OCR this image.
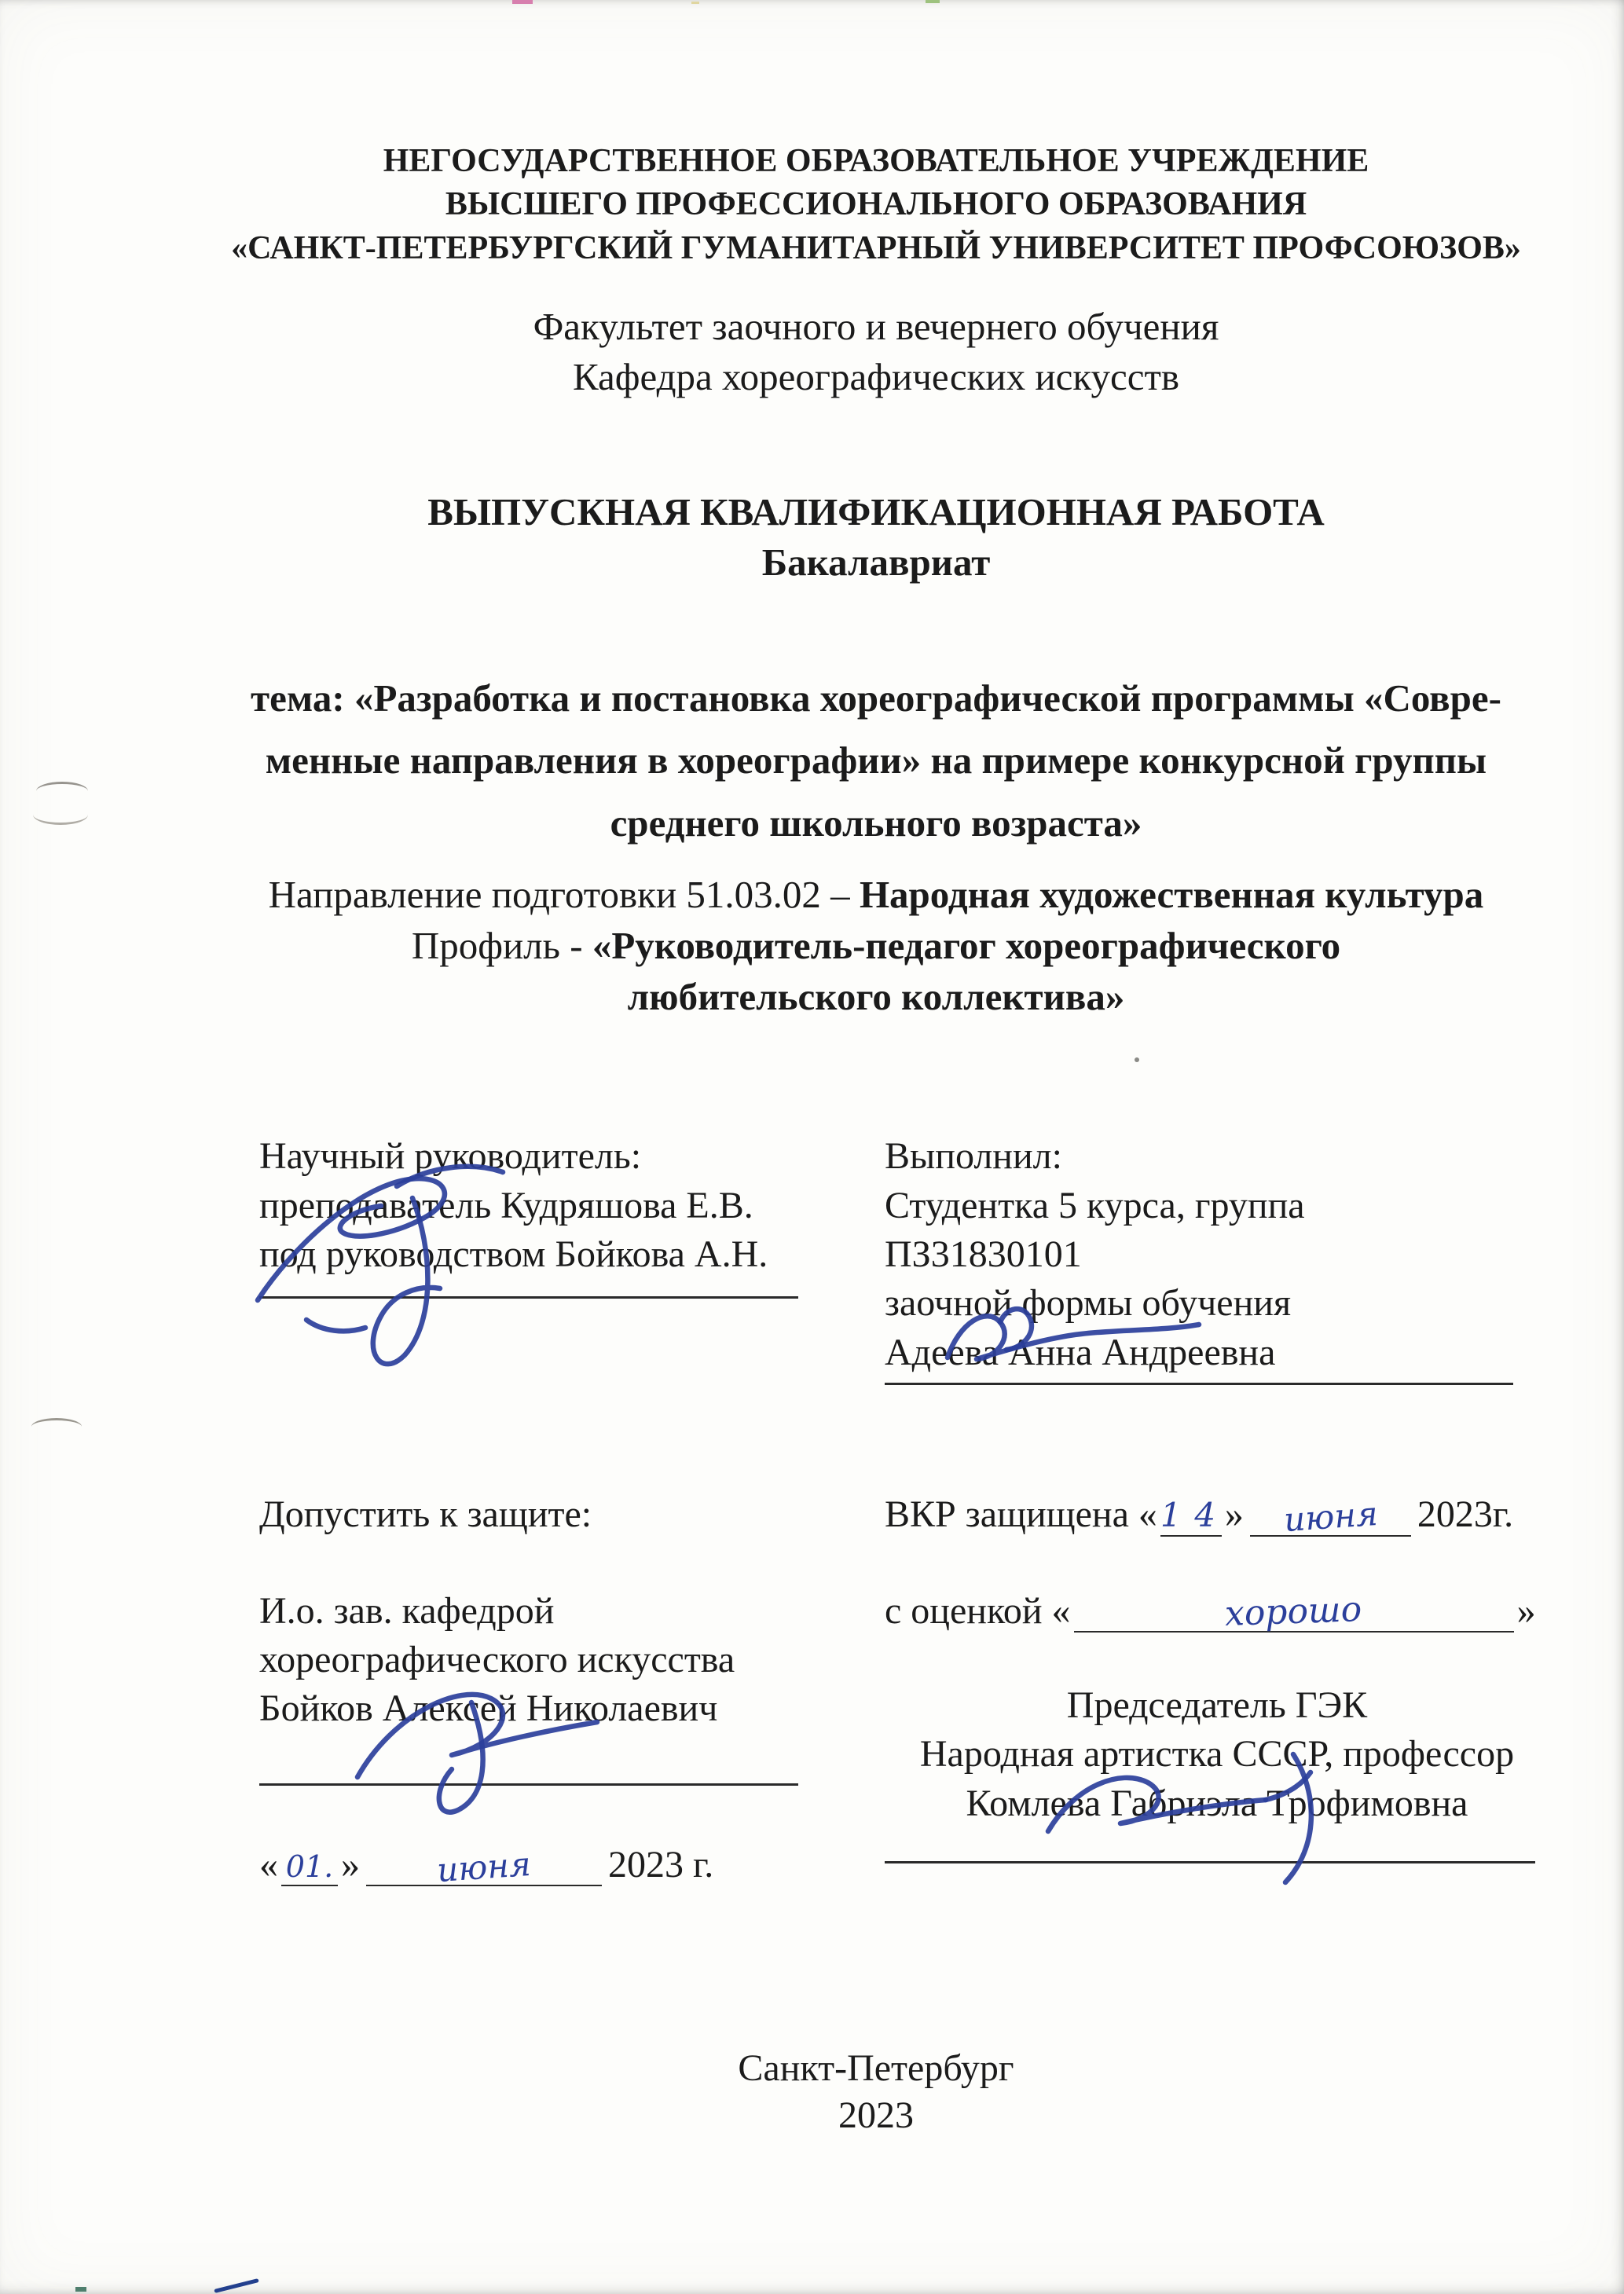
НЕГОСУДАРСТВЕННОЕ ОБРАЗОВАТЕЛЬНОЕ УЧРЕЖДЕНИЕ
ВЫСШЕГО ПРОФЕССИОНАЛЬНОГО ОБРАЗОВАНИЯ
«САНКТ-ПЕТЕРБУРГСКИЙ ГУМАНИТАРНЫЙ УНИВЕРСИТЕТ ПРОФСОЮЗОВ»
Факультет заочного и вечернего обучения
Кафедра хореографических искусств
ВЫПУСКНАЯ КВАЛИФИКАЦИОННАЯ РАБОТА
Бакалавриат
тема: «Разработка и постановка хореографической программы «Совре-
менные направления в хореографии» на примере конкурсной группы
среднего школьного возраста»
Направление подготовки 51.03.02 – Народная художественная культура
Профиль - «Руководитель-педагог хореографического любительского коллектива»

Научный руководитель:

преподаватель Кудряшова Е.В.

под руководством Бойкова А.Н.

Выполнил:

Студентка 5 курса, группа

ПЗ31830101

заочной формы обучения

Адеева Анна Андреевна

Допустить к защите:

И.о. зав. кафедрой

хореографического искусства

Бойков Алексей Николаевич

« 01. » июня 2023 г.

ВКР защищена «14» июня 2023г.

с оценкой «	хорошо	»

Председатель ГЭК

Народная артистка СССР, профессор

Комлева Габриэла Трофимовна

Санкт-Петербург
2023
